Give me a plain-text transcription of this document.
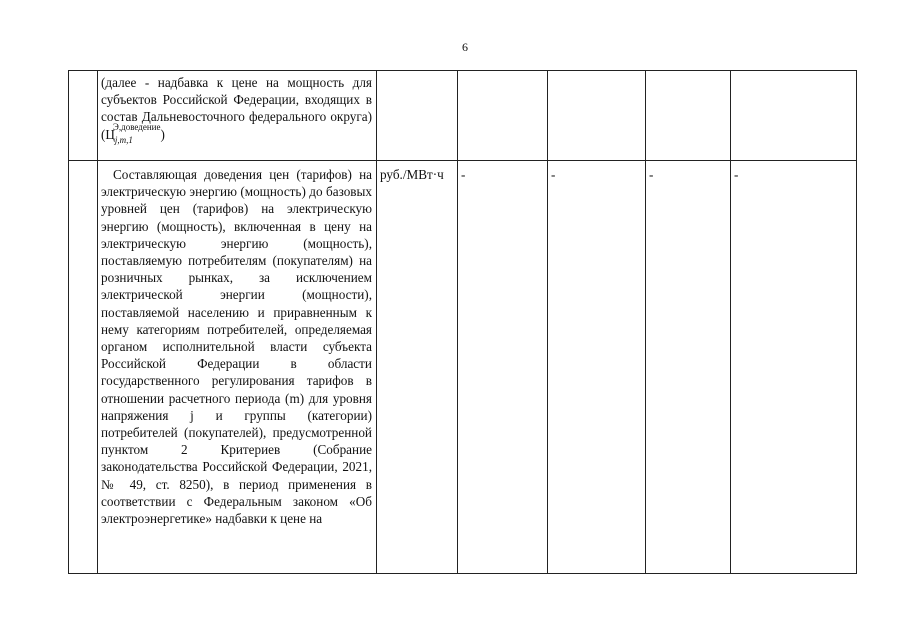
6
	(далее - надбавка к цене на мощность для субъектов Российской Федерации, входящих в состав Дальневосточного федерального округа) $(Ц_{j,m,1}^{Э,доведение})$					

	Составляющая доведения цен (тарифов) на электрическую энергию (мощность) до базовых уровней цен (тарифов) на электрическую энергию (мощность), включенная в цену на электрическую энергию (мощность), поставляемую потребителям (покупателям) на розничных рынках, за исключением электрической энергии (мощности), поставляемой населению и приравненным к нему категориям потребителей, определяемая органом исполнительной власти субъекта Российской Федерации в области государственного регулирования тарифов в отношении расчетного периода (m) для уровня напряжения j и группы (категории) потребителей (покупателей), предусмотренной пунктом 2 Критериев (Собрание законодательства Российской Федерации, 2021, № 49, ст. 8250), в период применения в соответствии с Федеральным законом «Об электроэнергетике» надбавки к цене на	руб./МВт·ч	-	-	-	-
